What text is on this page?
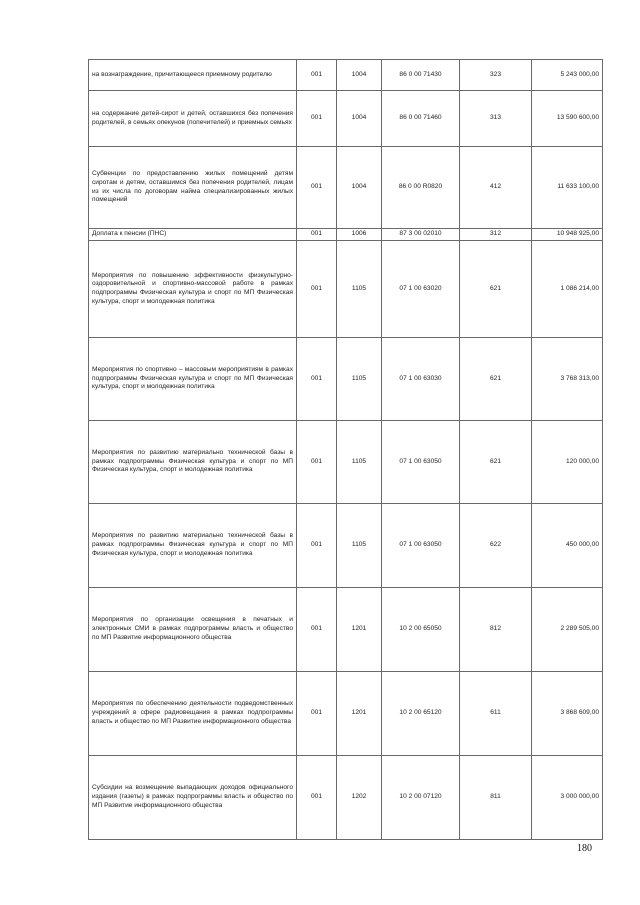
на вознаграждение, причитающееся приемному родителю	001	1004	86 0 00 71430	323	5 243 000,00
на содержание детей-сирот и детей, оставшихся без попечения родителей, в семьях опекунов (попечителей) и приемных семьях	001	1004	86 0 00 71460	313	13 590 600,00
Субвенции по предоставлению жилых помещений детям сиротам и детям, оставшимся без попечения родителей, лицам из их числа по договорам найма специализированных жилых помещений	001	1004	86 0 00 R0820	412	11 633 100,00
Доплата к пенсии (ПНС)	001	1006	87 3 00 02010	312	10 948 925,00
Мероприятия по повышению эффективности физкультурно-оздоровительной и спортивно-массовой работе в рамках подпрограммы Физическая культура и спорт по МП Физическая культура, спорт и молодежная политика	001	1105	07 1 00 63020	621	1 086 214,00
Мероприятия по спортивно – массовым мероприятиям в рамках подпрограммы Физическая культура и спорт по МП Физическая культура, спорт и молодежная политика	001	1105	07 1 00 63030	621	3 768 313,00
Мероприятия по развитию материально технической базы в рамках подпрограммы Физическая культура и спорт по МП Физическая культура, спорт и молодежная политика	001	1105	07 1 00 63050	621	120 000,00
Мероприятия по развитию материально технической базы в рамках подпрограммы Физическая культура и спорт по МП Физическая культура, спорт и молодежная политика	001	1105	07 1 00 63050	622	450 000,00
Мероприятия по организации освещения в печатных и электронных СМИ в рамках подпрограммы власть и общество по МП Развитие информационного общества	001	1201	10 2 00 65050	812	2 289 505,00
Мероприятия по обеспечению деятельности подведомственных учреждений в сфере радиовещания в рамках подпрограммы власть и общество по МП Развитие информационного общества	001	1201	10 2 00 65120	611	3 868 609,00
Субсидии на возмещение выпадающих доходов официального издания (газеты) в рамках подпрограммы власть и общество по МП Развитие информационного общества	001	1202	10 2 00 07120	811	3 000 000,00
180
